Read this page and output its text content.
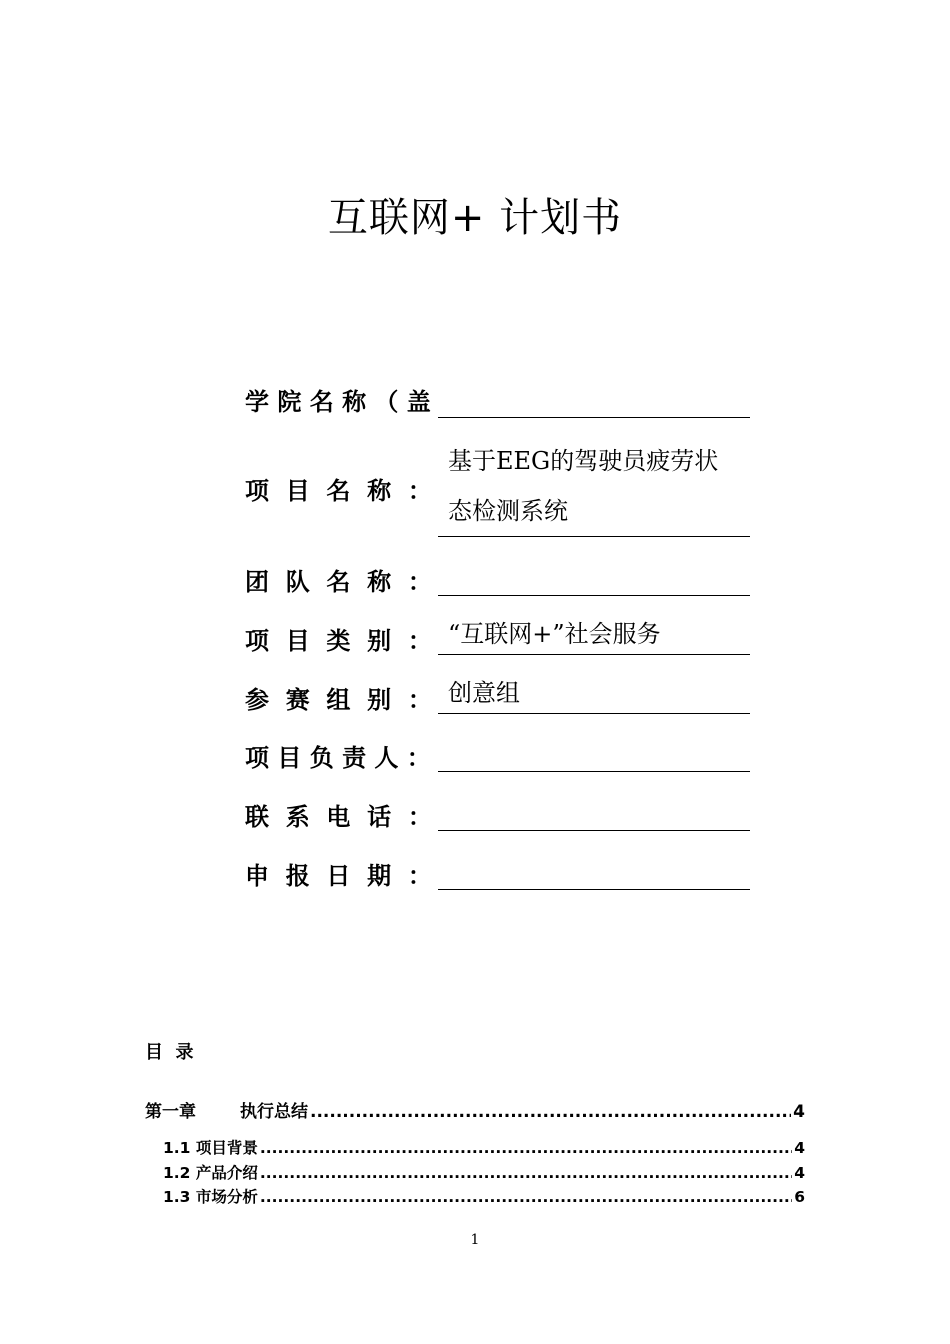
互联网+ 计划书
学 院 名 称 （ 盖
项  目  名  称  ：
基于EEG的驾驶员疲劳状
态检测系统
团  队  名  称  ：
项  目  类  别  ： “互联网+”社会服务
参  赛  组  别  ： 创意组
项 目 负 责 人 ：
联  系  电  话  ：
申  报  日  期  ：
目  录
第一章	执行总结 .....	4
1.1 项目背景 .....	4
1.2 产品介绍 .....	4
1.3 市场分析 .....	6
1
